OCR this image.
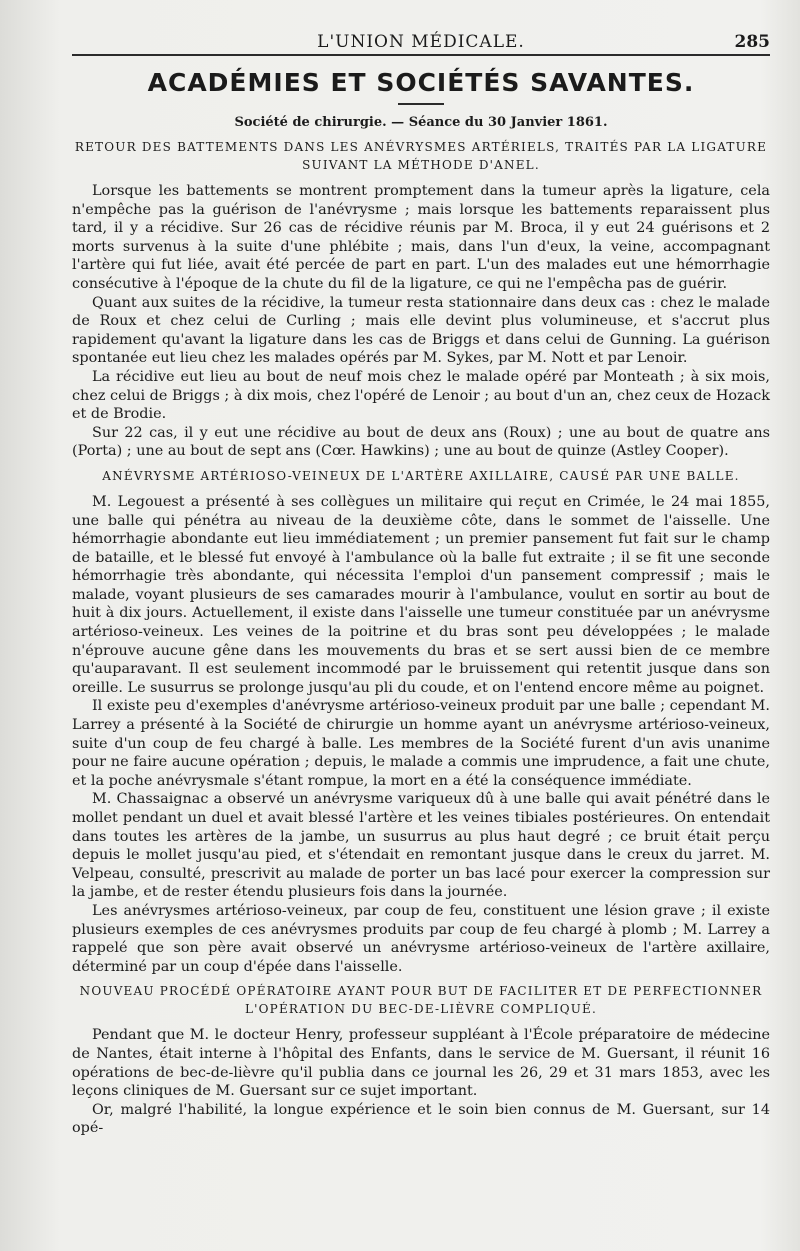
L'UNION MÉDICALE.	285
ACADÉMIES ET SOCIÉTÉS SAVANTES.
Société de chirurgie. — Séance du 30 Janvier 1861.
RETOUR DES BATTEMENTS DANS LES ANÉVRYSMES ARTÉRIELS, TRAITÉS PAR LA LIGATURE SUIVANT LA MÉTHODE D'ANEL.

Lorsque les battements se montrent promptement dans la tumeur après la ligature, cela n'empêche pas la guérison de l'anévrysme ; mais lorsque les battements reparaissent plus tard, il y a récidive. Sur 26 cas de récidive réunis par M. Broca, il y eut 24 guérisons et 2 morts survenus à la suite d'une phlébite ; mais, dans l'un d'eux, la veine, accompagnant l'artère qui fut liée, avait été percée de part en part. L'un des malades eut une hémorrhagie consécutive à l'époque de la chute du fil de la ligature, ce qui ne l'empêcha pas de guérir.

Quant aux suites de la récidive, la tumeur resta stationnaire dans deux cas : chez le malade de Roux et chez celui de Curling ; mais elle devint plus volumineuse, et s'accrut plus rapidement qu'avant la ligature dans les cas de Briggs et dans celui de Gunning. La guérison spontanée eut lieu chez les malades opérés par M. Sykes, par M. Nott et par Lenoir.

La récidive eut lieu au bout de neuf mois chez le malade opéré par Monteath ; à six mois, chez celui de Briggs ; à dix mois, chez l'opéré de Lenoir ; au bout d'un an, chez ceux de Hozack et de Brodie.

Sur 22 cas, il y eut une récidive au bout de deux ans (Roux) ; une au bout de quatre ans (Porta) ; une au bout de sept ans (Cœr. Hawkins) ; une au bout de quinze (Astley Cooper).

ANÉVRYSME ARTÉRIOSO-VEINEUX DE L'ARTÈRE AXILLAIRE, CAUSÉ PAR UNE BALLE.

M. Legouest a présenté à ses collègues un militaire qui reçut en Crimée, le 24 mai 1855, une balle qui pénétra au niveau de la deuxième côte, dans le sommet de l'aisselle. Une hémorrhagie abondante eut lieu immédiatement ; un premier pansement fut fait sur le champ de bataille, et le blessé fut envoyé à l'ambulance où la balle fut extraite ; il se fit une seconde hémorrhagie très abondante, qui nécessita l'emploi d'un pansement compressif ; mais le malade, voyant plusieurs de ses camarades mourir à l'ambulance, voulut en sortir au bout de huit à dix jours. Actuellement, il existe dans l'aisselle une tumeur constituée par un anévrysme artérioso-veineux. Les veines de la poitrine et du bras sont peu développées ; le malade n'éprouve aucune gêne dans les mouvements du bras et se sert aussi bien de ce membre qu'auparavant. Il est seulement incommodé par le bruissement qui retentit jusque dans son oreille. Le susurrus se prolonge jusqu'au pli du coude, et on l'entend encore même au poignet.

Il existe peu d'exemples d'anévrysme artérioso-veineux produit par une balle ; cependant M. Larrey a présenté à la Société de chirurgie un homme ayant un anévrysme artérioso-veineux, suite d'un coup de feu chargé à balle. Les membres de la Société furent d'un avis unanime pour ne faire aucune opération ; depuis, le malade a commis une imprudence, a fait une chute, et la poche anévrysmale s'étant rompue, la mort en a été la conséquence immédiate.

M. Chassaignac a observé un anévrysme variqueux dû à une balle qui avait pénétré dans le mollet pendant un duel et avait blessé l'artère et les veines tibiales postérieures. On entendait dans toutes les artères de la jambe, un susurrus au plus haut degré ; ce bruit était perçu depuis le mollet jusqu'au pied, et s'étendait en remontant jusque dans le creux du jarret. M. Velpeau, consulté, prescrivit au malade de porter un bas lacé pour exercer la compression sur la jambe, et de rester étendu plusieurs fois dans la journée.

Les anévrysmes artérioso-veineux, par coup de feu, constituent une lésion grave ; il existe plusieurs exemples de ces anévrysmes produits par coup de feu chargé à plomb ; M. Larrey a rappelé que son père avait observé un anévrysme artérioso-veineux de l'artère axillaire, déterminé par un coup d'épée dans l'aisselle.

NOUVEAU PROCÉDÉ OPÉRATOIRE AYANT POUR BUT DE FACILITER ET DE PERFECTIONNER L'OPÉRATION DU BEC-DE-LIÈVRE COMPLIQUÉ.

Pendant que M. le docteur Henry, professeur suppléant à l'École préparatoire de médecine de Nantes, était interne à l'hôpital des Enfants, dans le service de M. Guersant, il réunit 16 opérations de bec-de-lièvre qu'il publia dans ce journal les 26, 29 et 31 mars 1853, avec les leçons cliniques de M. Guersant sur ce sujet important.

Or, malgré l'habilité, la longue expérience et le soin bien connus de M. Guersant, sur 14 opé-
